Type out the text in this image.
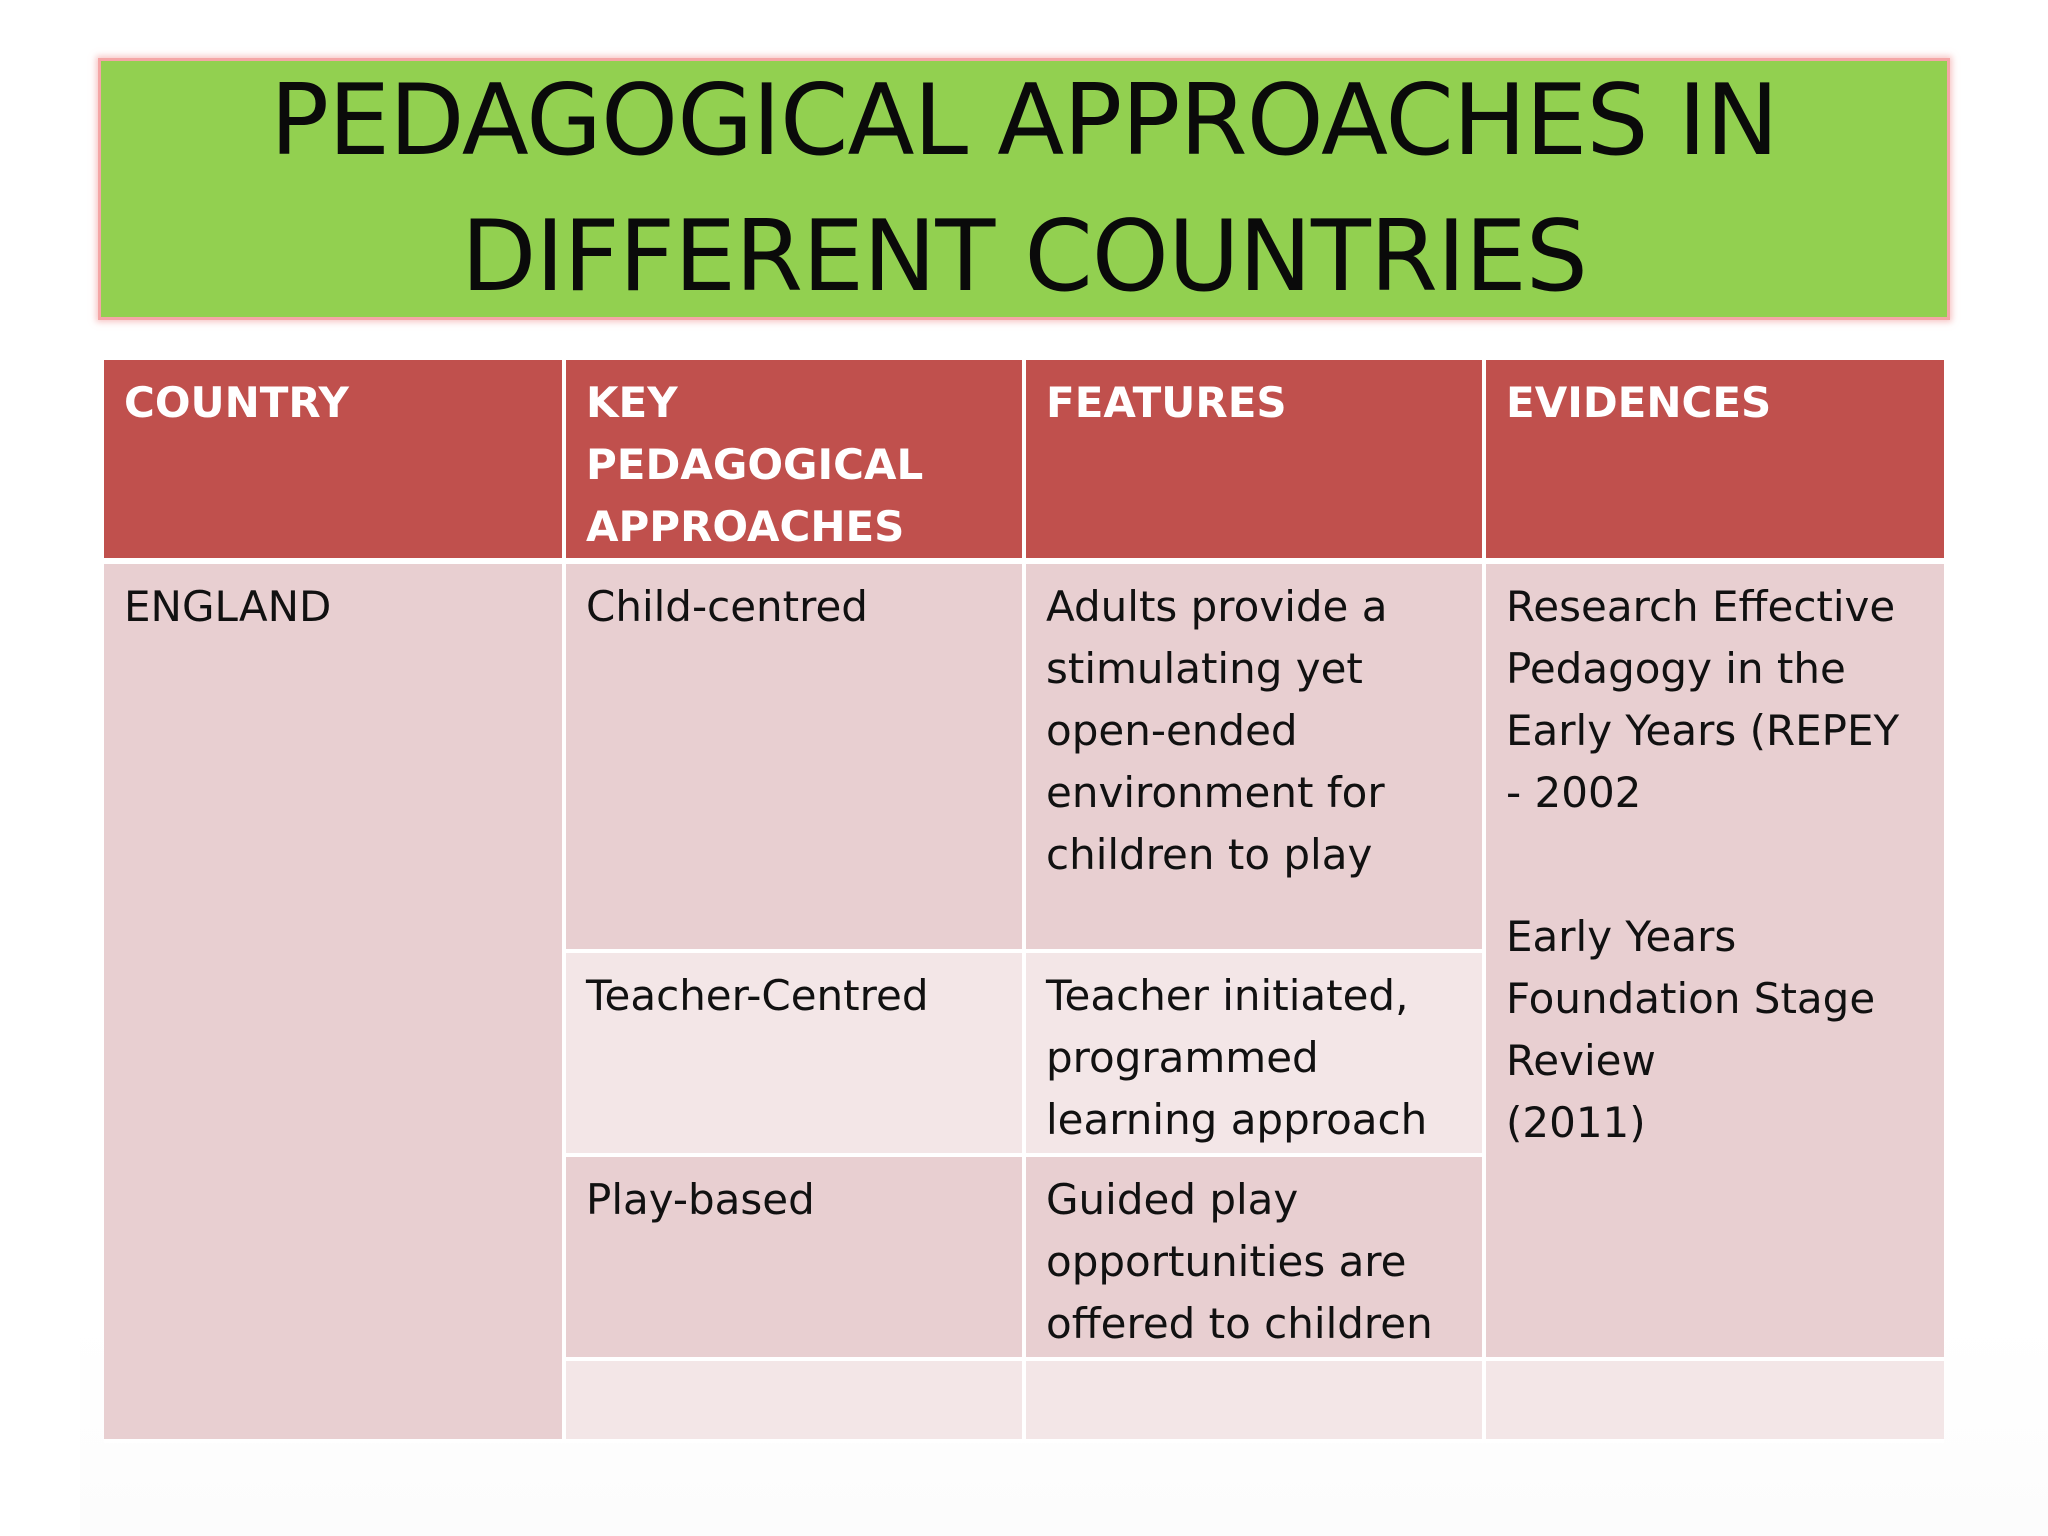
PEDAGOGICAL APPROACHES IN
DIFFERENT COUNTRIES
COUNTRY	KEY PEDAGOGICAL APPROACHES	FEATURES	EVIDENCES
ENGLAND	Child-centred	Adults provide a stimulating yet open-ended environment for children to play	Research Effective Pedagogy in the Early Years (REPEY - 2002
Early Years Foundation Stage Review
(2011)

	Teacher-Centred	Teacher initiated, programmed learning approach	
	Play-based	Guided play opportunities are offered to children	
